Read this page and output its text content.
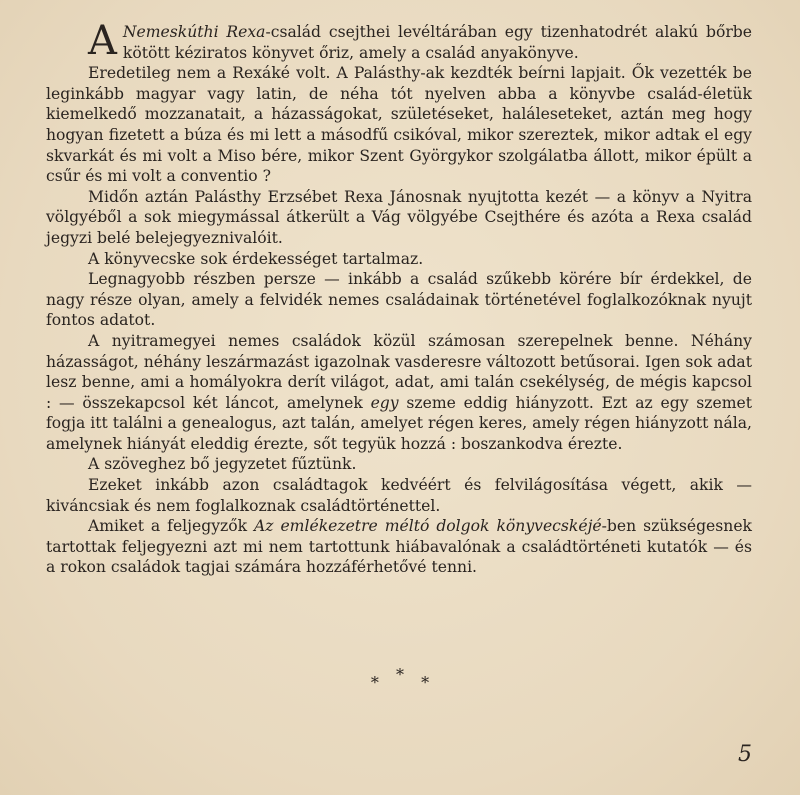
A Nemeskúthi Rexa-család csejthei levéltárában egy tizenhatodrét alakú bőrbe kötött kéziratos könyvet őriz, amely a család anyakönyve.

Eredetileg nem a Rexáké volt. A Palásthy-ak kezdték beírni lapjait. Ők vezették be leginkább magyar vagy latin, de néha tót nyelven abba a könyvbe család-életük kiemelkedő mozzanatait, a házasságokat, születéseket, haláleseteket, aztán meg hogy hogyan fizetett a búza és mi lett a másodfű csikóval, mikor szereztek, mikor adtak el egy skvarkát és mi volt a Miso bére, mikor Szent Györgykor szolgálatba állott, mikor épült a csűr és mi volt a conventio ?

Midőn aztán Palásthy Erzsébet Rexa Jánosnak nyujtotta kezét — a könyv a Nyitra völgyéből a sok miegymással átkerült a Vág völgyébe Csejthére és azóta a Rexa család jegyzi belé belejegyeznivalóit.

A könyvecske sok érdekességet tartalmaz.

Legnagyobb részben persze — inkább a család szűkebb körére bír érdekkel, de nagy része olyan, amely a felvidék nemes családainak történetével foglalkozóknak nyujt fontos adatot.

A nyitramegyei nemes családok közül számosan szerepelnek benne. Néhány házasságot, néhány leszármazást igazolnak vasderesre változott betűsorai. Igen sok adat lesz benne, ami a homályokra derít világot, adat, ami talán csekélység, de mégis kapcsol : — összekapcsol két láncot, amelynek egy szeme eddig hiányzott. Ezt az egy szemet fogja itt találni a genealogus, azt talán, amelyet régen keres, amely régen hiányzott nála, amelynek hiányát eleddig érezte, sőt tegyük hozzá : boszankodva érezte.

A szöveghez bő jegyzetet fűztünk.

Ezeket inkább azon családtagok kedvéért és felvilágosítása végett, akik — kiváncsiak és nem foglalkoznak családtörténettel.

Amiket a feljegyzők Az emlékezetre méltó dolgok könyvecskéjé-ben szükségesnek tartottak feljegyezni azt mi nem tartottunk hiábavalónak a családtörténeti kutatók — és a rokon családok tagjai számára hozzáférhetővé tenni.

* * *
5
